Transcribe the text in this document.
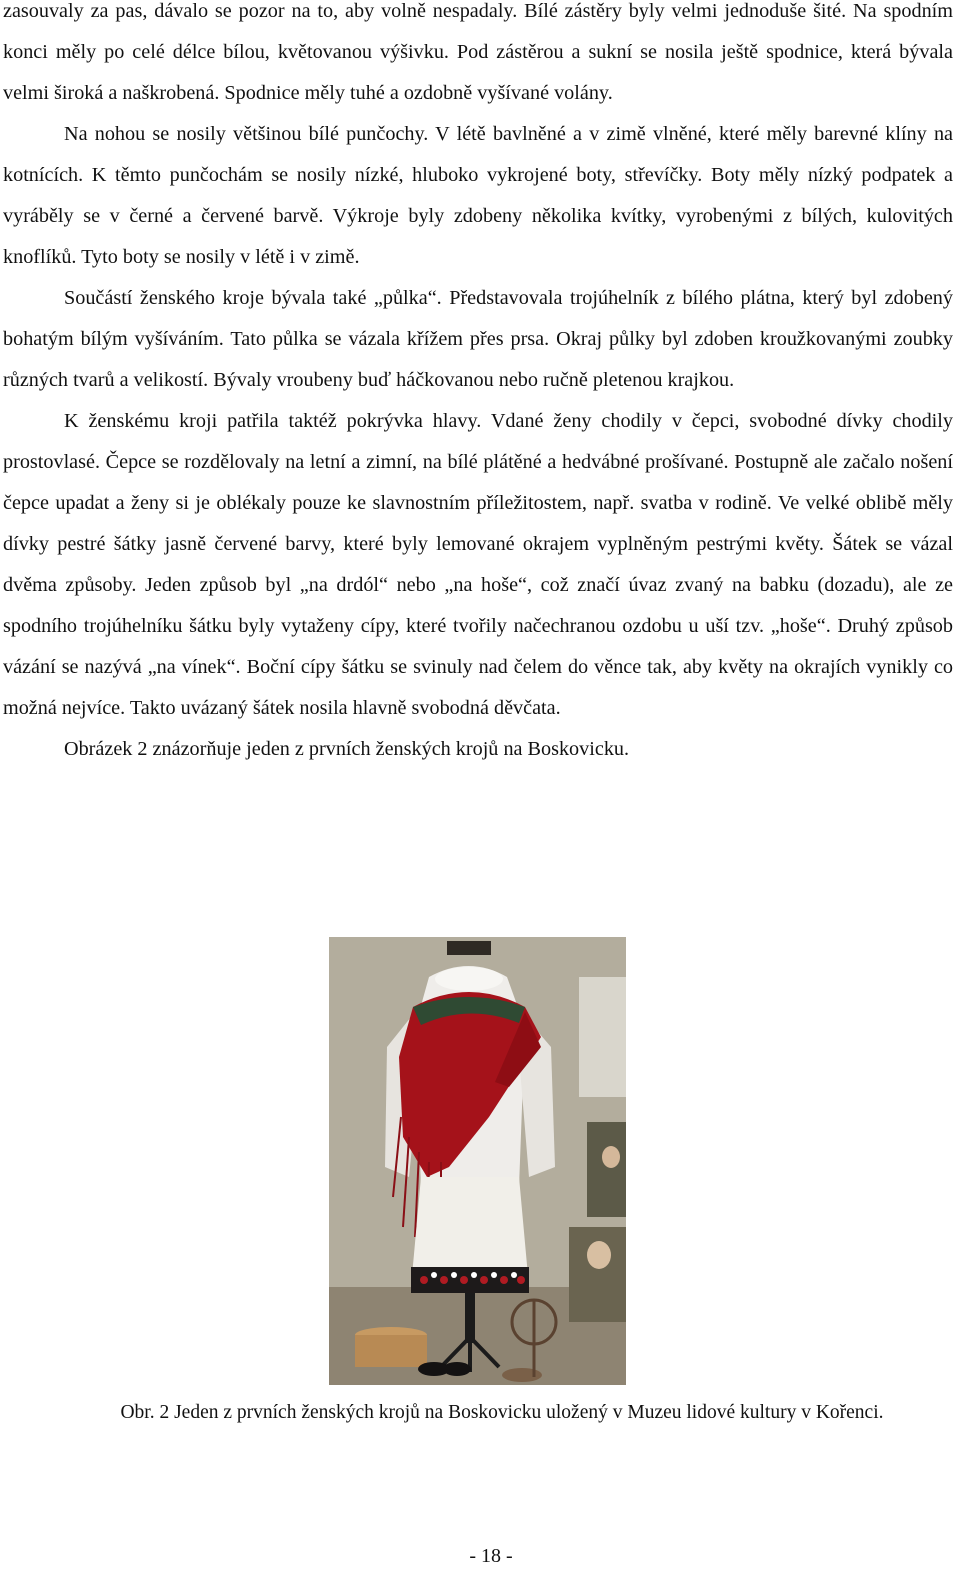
zasouvaly za pas, dávalo se pozor na to, aby volně nespadaly. Bílé zástěry byly velmi jednoduše šité. Na spodním konci měly po celé délce bílou, květovanou výšivku. Pod zástěrou a sukní se nosila ještě spodnice, která bývala velmi široká a naškrobená. Spodnice měly tuhé a ozdobně vyšívané volány.

Na nohou se nosily většinou bílé punčochy. V létě bavlněné a v zimě vlněné, které měly barevné klíny na kotnících. K těmto punčochám se nosily nízké, hluboko vykrojené boty, střevíčky. Boty měly nízký podpatek a vyráběly se v černé a červené barvě. Výkroje byly zdobeny několika kvítky, vyrobenými z bílých, kulovitých knoflíků. Tyto boty se nosily v létě i v zimě.

Součástí ženského kroje bývala také „půlka“. Představovala trojúhelník z bílého plátna, který byl zdobený bohatým bílým vyšíváním. Tato půlka se vázala křížem přes prsa. Okraj půlky byl zdoben kroužkovanými zoubky různých tvarů a velikostí. Bývaly vroubeny buď háčkovanou nebo ručně pletenou krajkou.

K ženskému kroji patřila taktéž pokrývka hlavy. Vdané ženy chodily v čepci, svobodné dívky chodily prostovlasé. Čepce se rozdělovaly na letní a zimní, na bílé plátěné a hedvábné prošívané. Postupně ale začalo nošení čepce upadat a ženy si je oblékaly pouze ke slavnostním příležitostem, např. svatba v rodině. Ve velké oblibě měly dívky pestré šátky jasně červené barvy, které byly lemované okrajem vyplněným pestrými květy. Šátek se vázal dvěma způsoby. Jeden způsob byl „na drdól“ nebo „na hoše“, což značí úvaz zvaný na babku (dozadu), ale ze spodního trojúhelníku šátku byly vytaženy cípy, které tvořily načechranou ozdobu u uší tzv. „hoše“. Druhý způsob vázání se nazývá „na vínek“. Boční cípy šátku se svinuly nad čelem do věnce tak, aby květy na okrajích vynikly co možná nejvíce. Takto uvázaný šátek nosila hlavně svobodná děvčata.

Obrázek 2 znázorňuje jeden z prvních ženských krojů na Boskovicku.

Obr. 2 Jeden z prvních ženských krojů na Boskovicku uložený v Muzeu lidové kultury v Kořenci.
- 18 -
